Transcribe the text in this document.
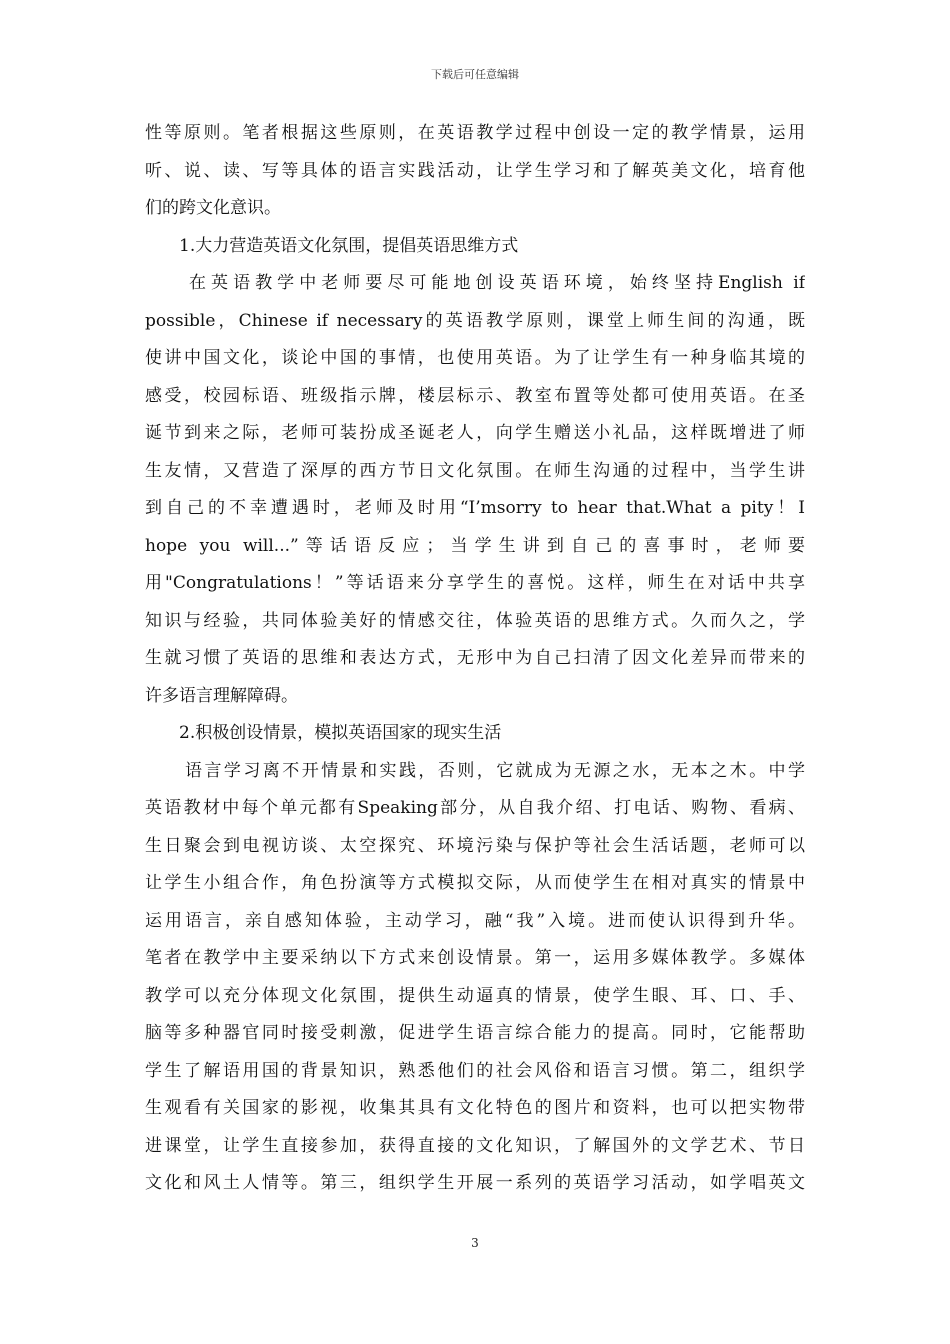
下载后可任意编辑
性等原则。笔者根据这些原则，在英语教学过程中创设一定的教学情景，运用
听、说、读、写等具体的语言实践活动，让学生学习和了解英美文化，培育他
们的跨文化意识。
1.大力营造英语文化氛围，提倡英语思维方式
在英语教学中老师要尽可能地创设英语环境，始终坚持English if
possible，Chinese if necessary的英语教学原则，课堂上师生间的沟通，既
使讲中国文化，谈论中国的事情，也使用英语。为了让学生有一种身临其境的
感受，校园标语、班级指示牌，楼层标示、教室布置等处都可使用英语。在圣
诞节到来之际，老师可装扮成圣诞老人，向学生赠送小礼品，这样既增进了师
生友情，又营造了深厚的西方节日文化氛围。在师生沟通的过程中，当学生讲
到自己的不幸遭遇时，老师及时用“I’msorry to hear that.What a pity！I
hope you will...”等话语反应；当学生讲到自己的喜事时，老师要
用"Congratulations！”等话语来分享学生的喜悦。这样，师生在对话中共享
知识与经验，共同体验美好的情感交往，体验英语的思维方式。久而久之，学
生就习惯了英语的思维和表达方式，无形中为自己扫清了因文化差异而带来的
许多语言理解障碍。
2.积极创设情景，模拟英语国家的现实生活
语言学习离不开情景和实践，否则，它就成为无源之水，无本之木。中学
英语教材中每个单元都有Speaking部分，从自我介绍、打电话、购物、看病、
生日聚会到电视访谈、太空探究、环境污染与保护等社会生活话题，老师可以
让学生小组合作，角色扮演等方式模拟交际，从而使学生在相对真实的情景中
运用语言，亲自感知体验，主动学习，融“我”入境。进而使认识得到升华。
笔者在教学中主要采纳以下方式来创设情景。第一，运用多媒体教学。多媒体
教学可以充分体现文化氛围，提供生动逼真的情景，使学生眼、耳、口、手、
脑等多种器官同时接受刺激，促进学生语言综合能力的提高。同时，它能帮助
学生了解语用国的背景知识，熟悉他们的社会风俗和语言习惯。第二，组织学
生观看有关国家的影视，收集其具有文化特色的图片和资料，也可以把实物带
进课堂，让学生直接参加，获得直接的文化知识，了解国外的文学艺术、节日
文化和风土人情等。第三，组织学生开展一系列的英语学习活动，如学唱英文
3
